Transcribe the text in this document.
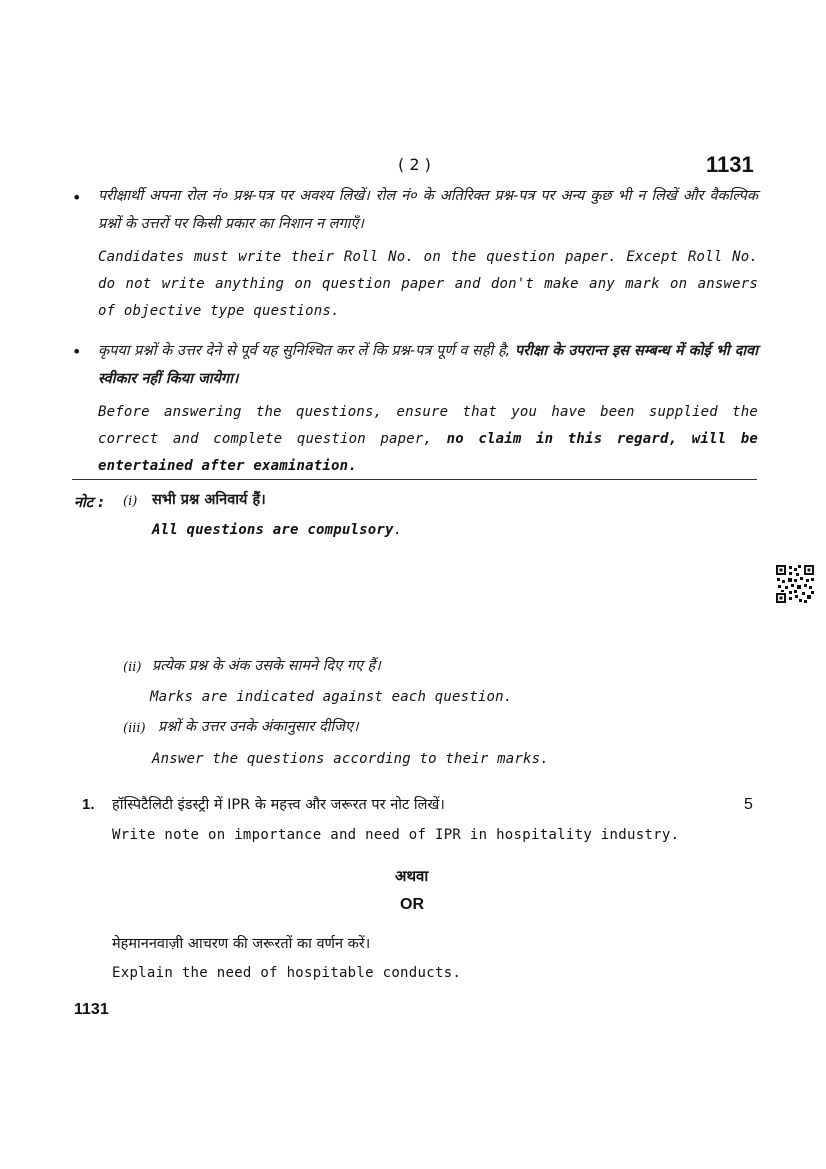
( 2 )	1131
• परीक्षार्थी अपना रोल नं० प्रश्न-पत्र पर अवश्य लिखें। रोल नं० के अतिरिक्त प्रश्न-पत्र पर अन्य कुछ भी न लिखें और वैकल्पिक प्रश्नों के उत्तरों पर किसी प्रकार का निशान न लगाएँ।
Candidates must write their Roll No. on the question paper. Except Roll No. do not write anything on question paper and don't make any mark on answers of objective type questions.
• कृपया प्रश्नों के उत्तर देने से पूर्व यह सुनिश्चित कर लें कि प्रश्न-पत्र पूर्ण व सही है, परीक्षा के उपरान्त इस सम्बन्ध में कोई भी दावा स्वीकार नहीं किया जायेगा।
Before answering the questions, ensure that you have been supplied the correct and complete question paper, no claim in this regard, will be entertained after examination.
नोट : (i) सभी प्रश्न अनिवार्य हैं।
All questions are compulsory.
(ii) प्रत्येक प्रश्न के अंक उसके सामने दिए गए हैं।
Marks are indicated against each question.
(iii) प्रश्नों के उत्तर उनके अंकानुसार दीजिए।
Answer the questions according to their marks.
1. हॉस्पिटैलिटी इंडस्ट्री में IPR के महत्त्व और जरूरत पर नोट लिखें।	5
Write note on importance and need of IPR in hospitality industry.
अथवा
OR
मेहमाननवाज़ी आचरण की जरूरतों का वर्णन करें।
Explain the need of hospitable conducts.
1131
